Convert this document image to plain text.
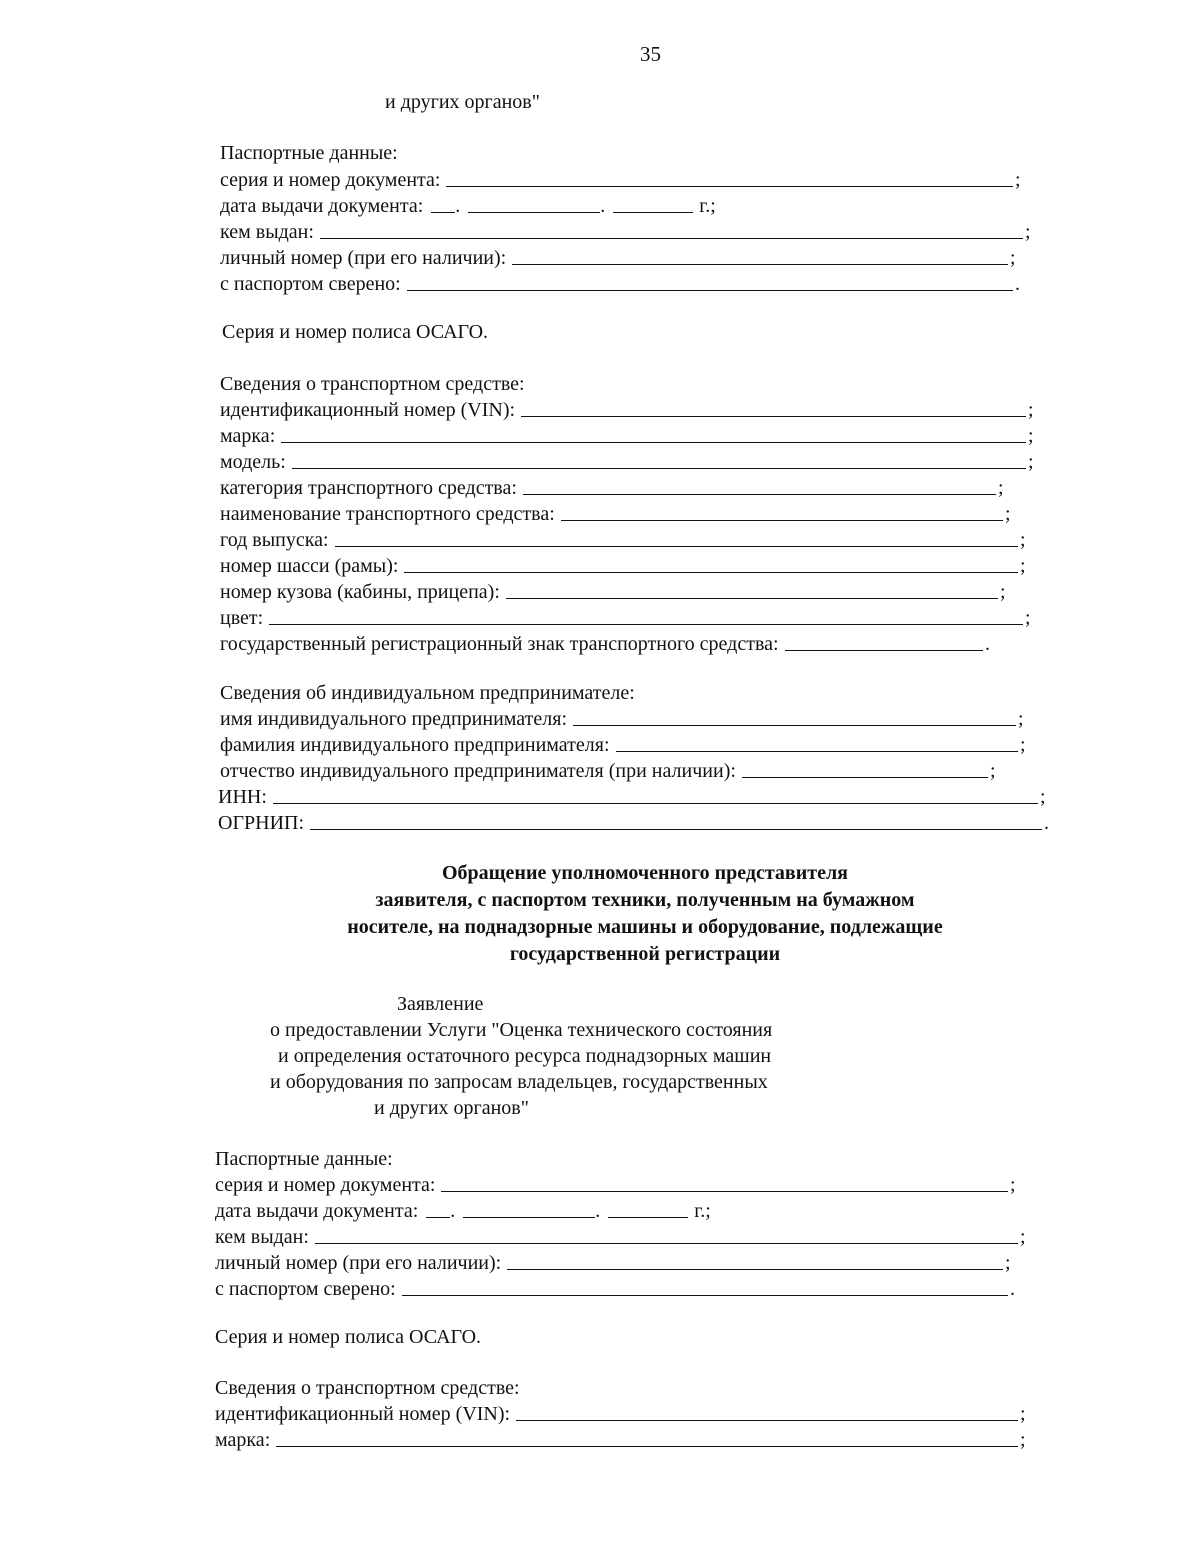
35
и других органов"
Паспортные данные:
серия и номер документа:	;
дата выдачи документа: .	.	г.;
кем выдан:	;
личный номер (при его наличии):	;
с паспортом сверено:	.
Серия и номер полиса ОСАГО.
Сведения о транспортном средстве:
идентификационный номер (VIN):	;
марка:	;
модель:	;
категория транспортного средства:	;
наименование транспортного средства:	;
год выпуска:	;
номер шасси (рамы):	;
номер кузова (кабины, прицепа):	;
цвет:	;
государственный регистрационный знак транспортного средства:	.
Сведения об индивидуальном предпринимателе:
имя индивидуального предпринимателя:	;
фамилия индивидуального предпринимателя:	;
отчество индивидуального предпринимателя (при наличии):	;
ИНН:	;
ОГРНИП:	.
Обращение уполномоченного представителя
заявителя, с паспортом техники, полученным на бумажном
носителе, на поднадзорные машины и оборудование, подлежащие
государственной регистрации
Заявление
о предоставлении Услуги "Оценка технического состояния
и определения остаточного ресурса поднадзорных машин
и оборудования по запросам владельцев, государственных
и других органов"
Паспортные данные:
серия и номер документа:	;
дата выдачи документа: .	.	г.;
кем выдан:	;
личный номер (при его наличии):	;
с паспортом сверено:	.
Серия и номер полиса ОСАГО.
Сведения о транспортном средстве:
идентификационный номер (VIN):	;
марка:	;
